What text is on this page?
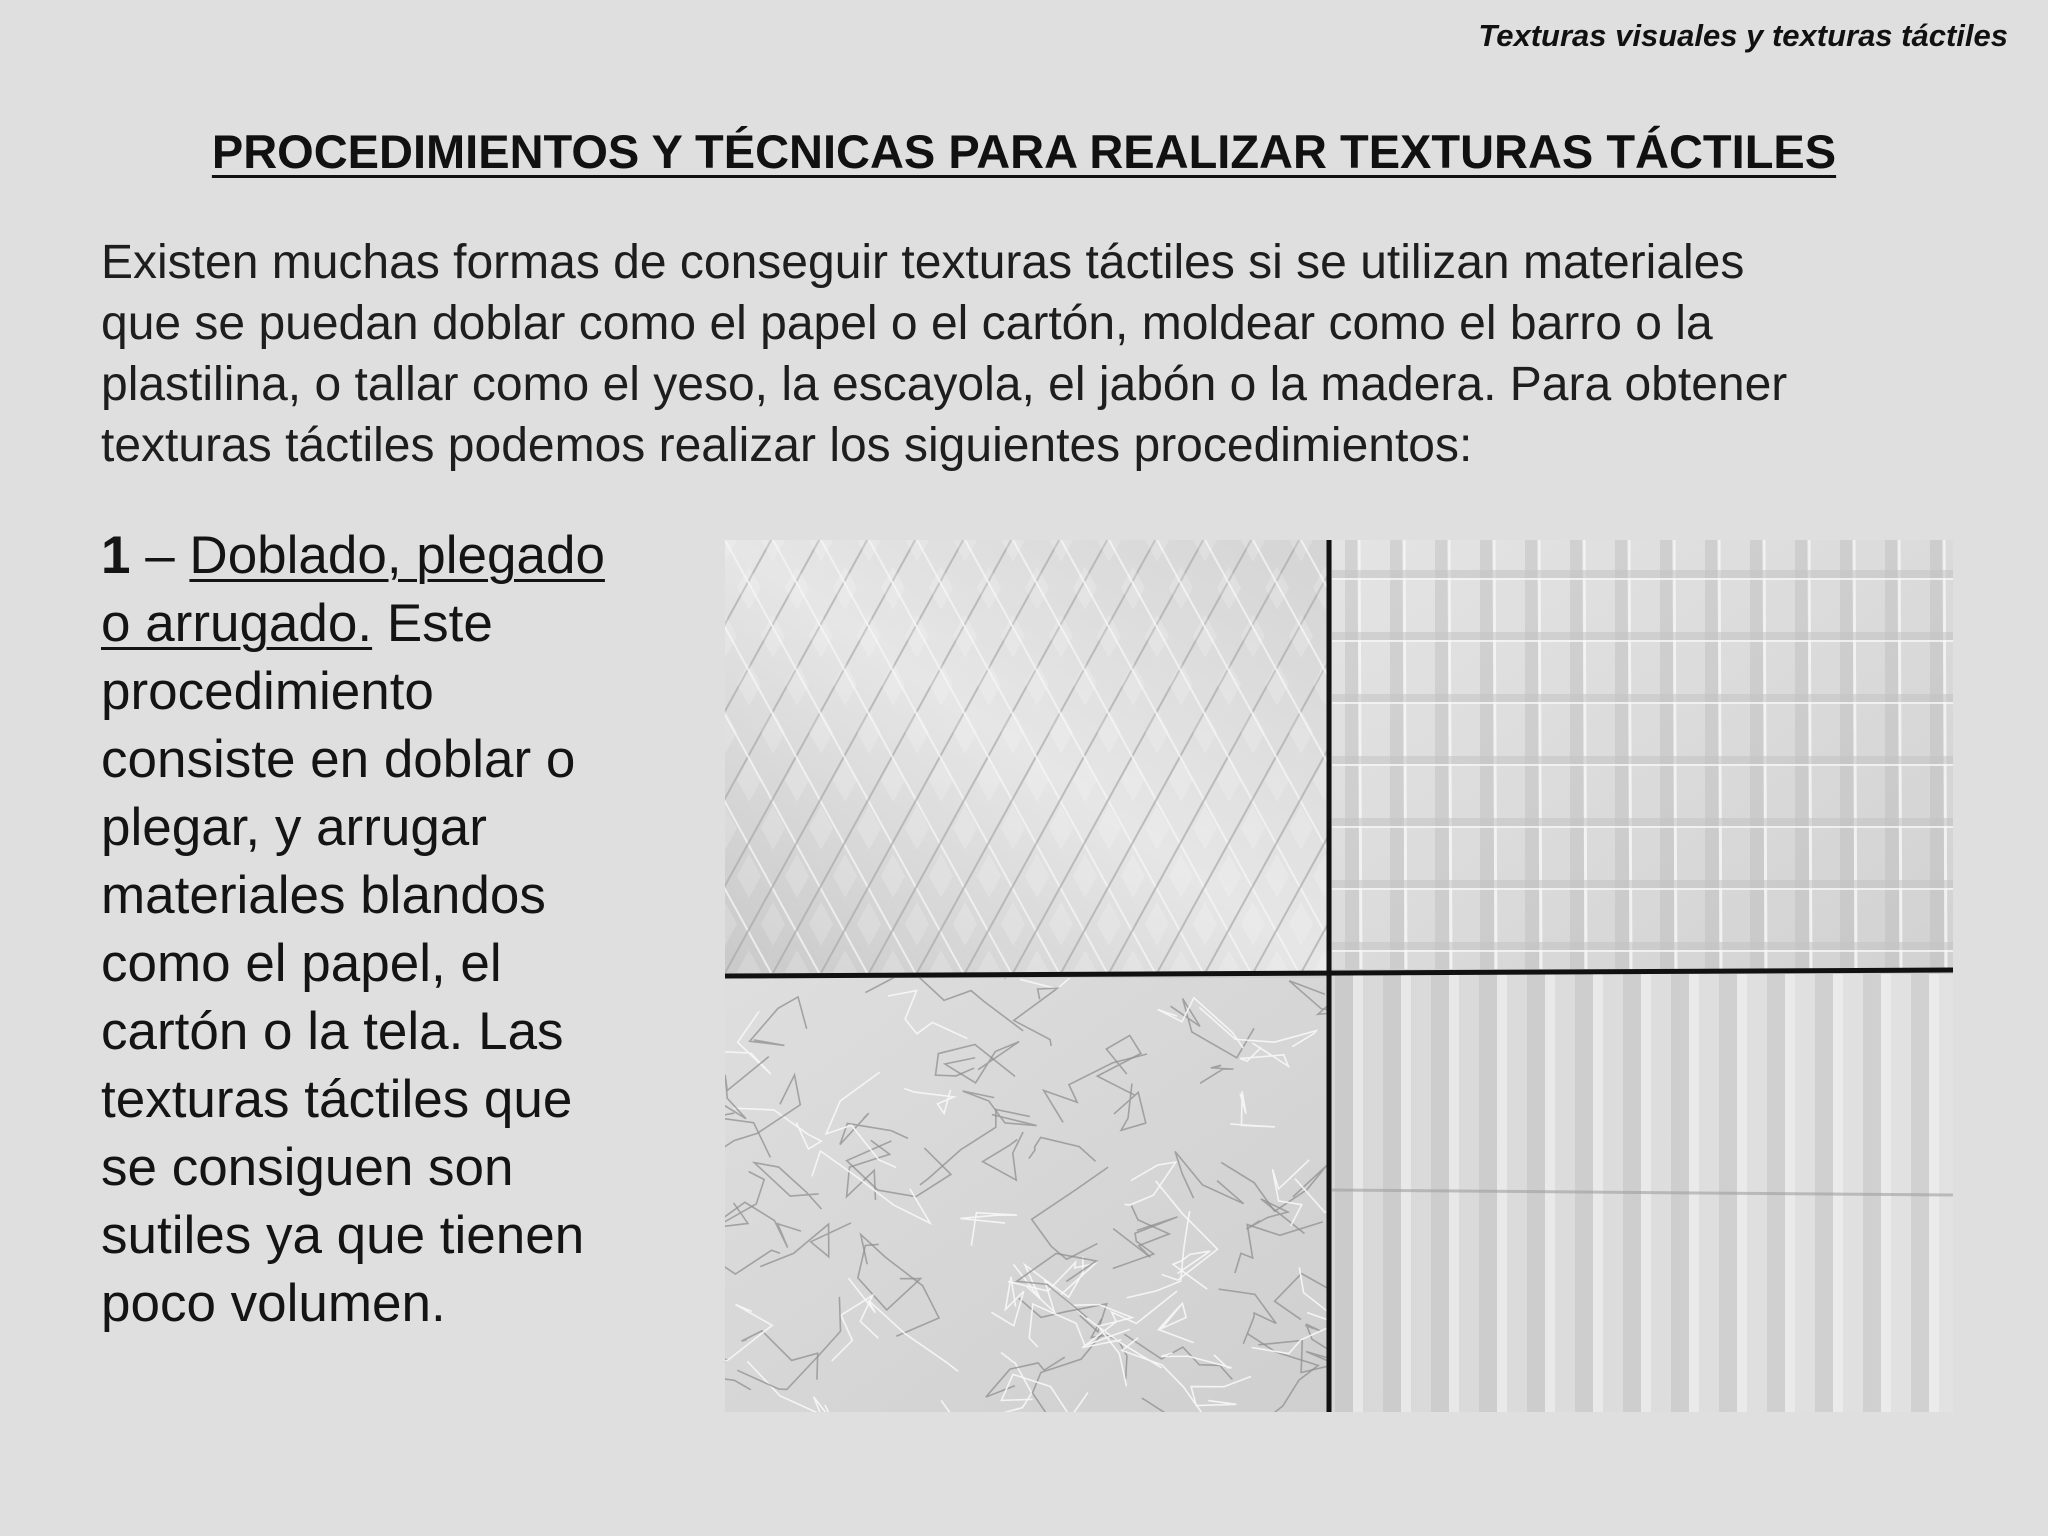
Texturas visuales y texturas táctiles
PROCEDIMIENTOS Y TÉCNICAS PARA REALIZAR TEXTURAS TÁCTILES

Existen muchas formas de conseguir texturas táctiles si se utilizan materiales
que se puedan doblar como el papel o el cartón, moldear como el barro o la
plastilina, o tallar como el yeso, la escayola, el jabón o la madera. Para obtener
texturas táctiles podemos realizar los siguientes procedimientos:

1 – Doblado, plegado
o arrugado. Este
procedimiento
consiste en doblar o
plegar, y arrugar
materiales blandos
como el papel, el
cartón o la tela. Las
texturas táctiles que
se consiguen son
sutiles ya que tienen
poco volumen.
